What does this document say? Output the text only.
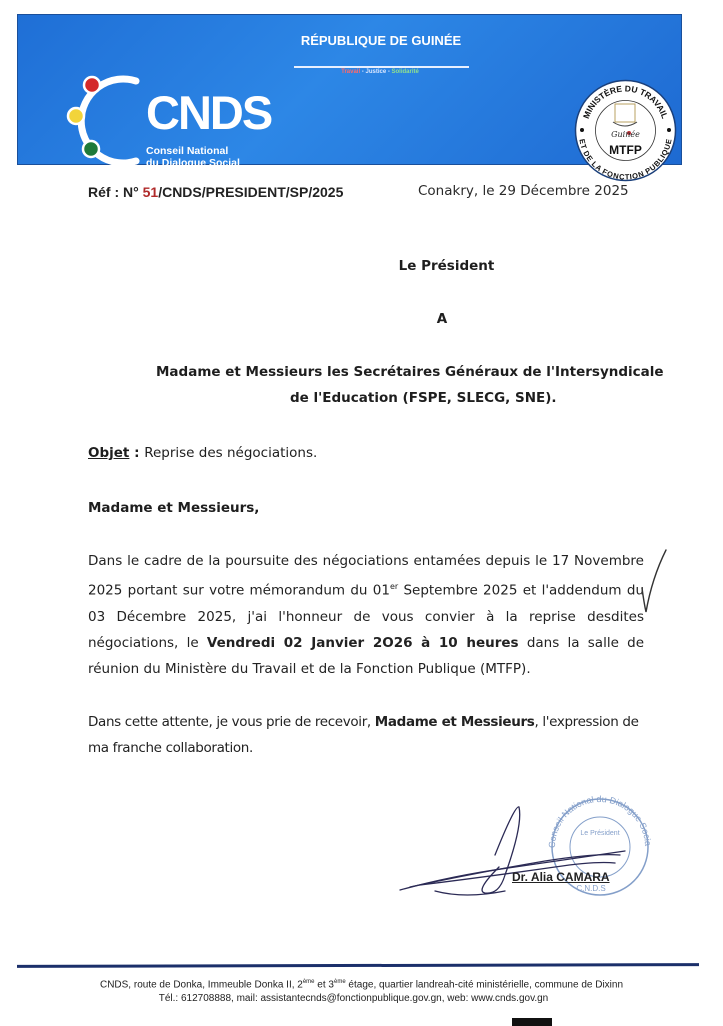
RÉPUBLIQUE DE GUINÉE
Travail - Justice - Solidarité
CNDS
Conseil National
du Dialogue Social
MINISTÈRE DU TRAVAIL
ET DE LA FONCTION PUBLIQUE
Guinée
MTFP
Réf : N° 51/CNDS/PRESIDENT/SP/2025	Conakry, le 29 Décembre 2025
Le Président
A
Madame et Messieurs les Secrétaires Généraux de l'Intersyndicale
de l'Education (FSPE, SLECG, SNE).
Objet : Reprise des négociations.
Madame et Messieurs,
Dans le cadre de la poursuite des négociations entamées depuis le 17 Novembre 2025 portant sur votre mémorandum du 01er Septembre 2025 et l'addendum du 03 Décembre 2025, j'ai l'honneur de vous convier à la reprise desdites négociations, le Vendredi 02 Janvier 2O26 à 10 heures dans la salle de réunion du Ministère du Travail et de la Fonction Publique (MTFP).
Dans cette attente, je vous prie de recevoir, Madame et Messieurs, l'expression de ma franche collaboration.
Conseil National du Dialogue Socia
Le Président
C.N.D.S
Dr. Alia CAMARA
CNDS, route de Donka, Immeuble Donka II, 2ème et 3ème étage, quartier landreah-cité ministérielle, commune de Dixinn
Tél.: 612708888, mail: assistantecnds@fonctionpublique.gov.gn, web: www.cnds.gov.gn
